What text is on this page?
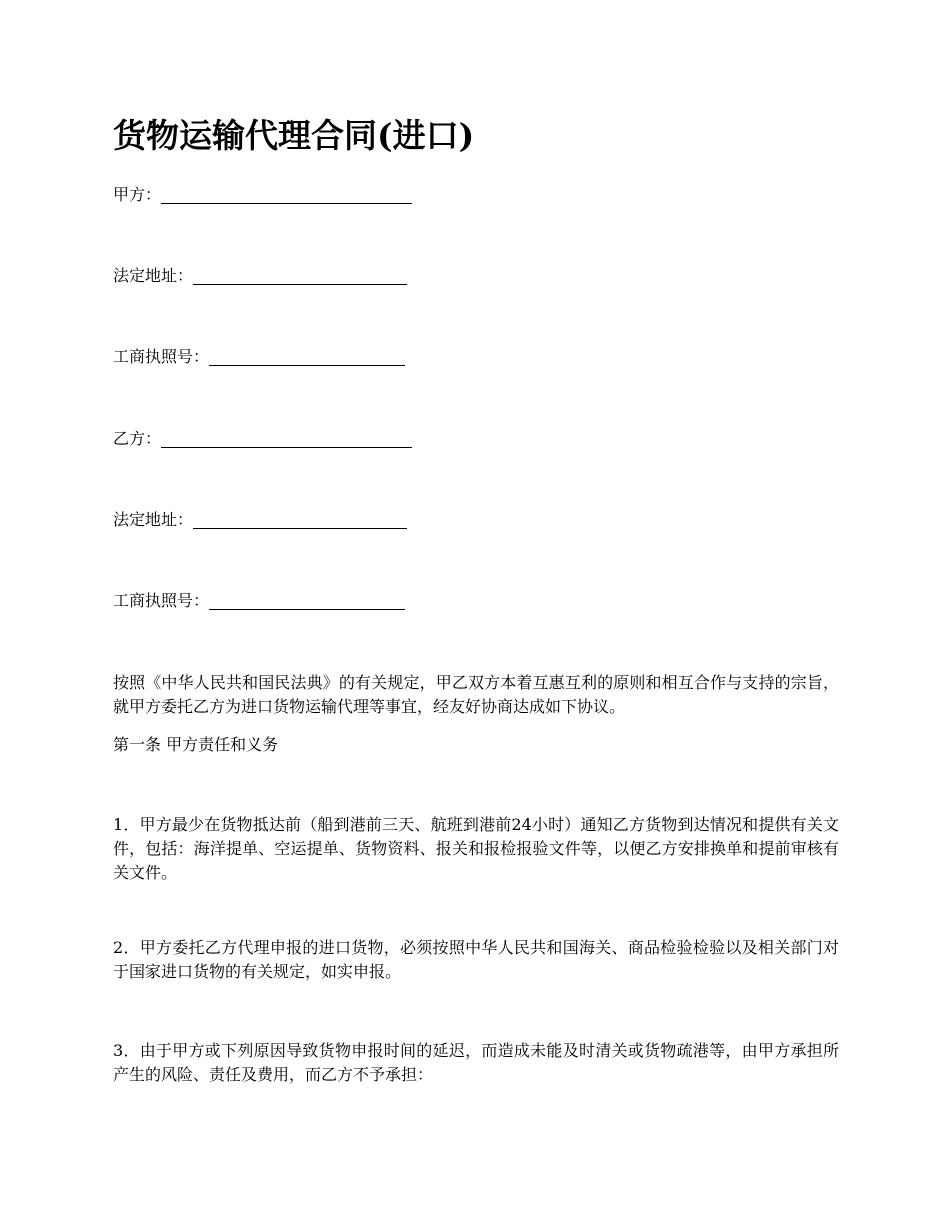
货物运输代理合同(进口)
甲方：
法定地址：
工商执照号：
乙方：
法定地址：
工商执照号：

按照《中华人民共和国民法典》的有关规定，甲乙双方本着互惠互利的原则和相互合作与支持的宗旨，就甲方委托乙方为进口货物运输代理等事宜，经友好协商达成如下协议。

第一条 甲方责任和义务

1．甲方最少在货物抵达前（船到港前三天、航班到港前24小时）通知乙方货物到达情况和提供有关文件，包括：海洋提单、空运提单、货物资料、报关和报检报验文件等，以便乙方安排换单和提前审核有关文件。

2．甲方委托乙方代理申报的进口货物，必须按照中华人民共和国海关、商品检验检验以及相关部门对于国家进口货物的有关规定，如实申报。

3．由于甲方或下列原因导致货物申报时间的延迟，而造成未能及时清关或货物疏港等，由甲方承担所产生的风险、责任及费用，而乙方不予承担：
